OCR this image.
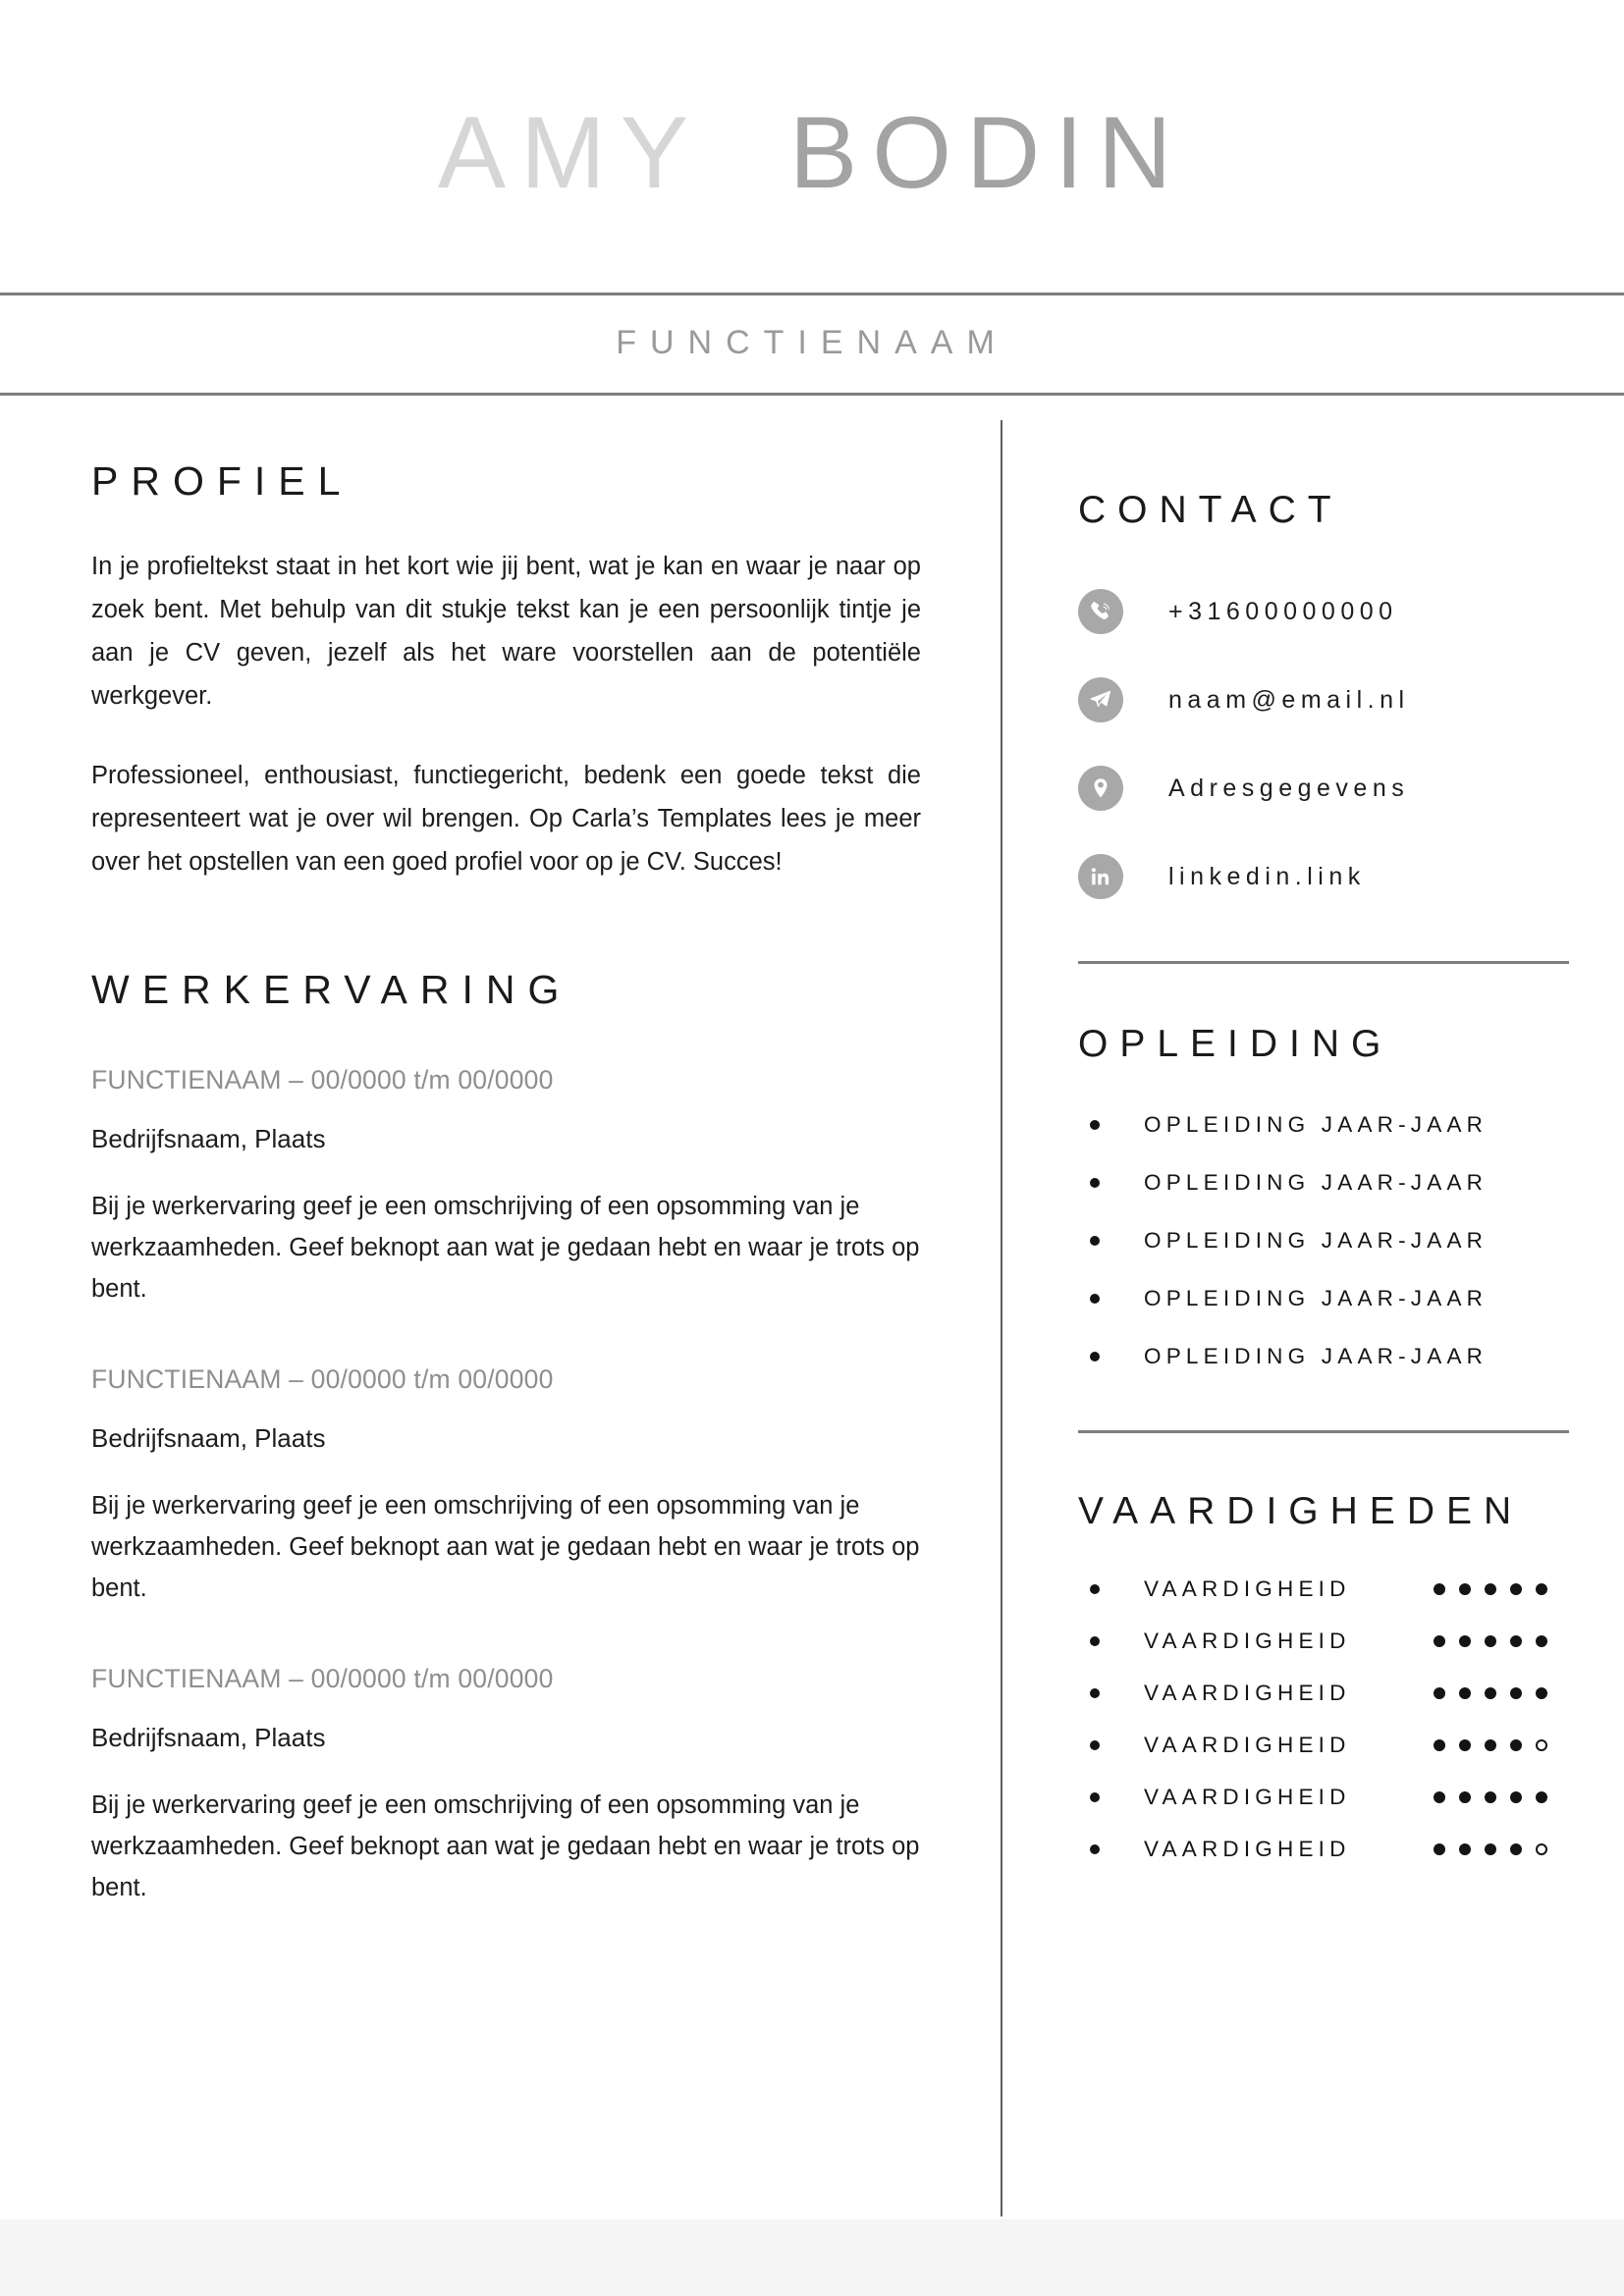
AMY BODIN
FUNCTIENAAM
PROFIEL

In je profieltekst staat in het kort wie jij bent, wat je kan en waar je naar op zoek bent. Met behulp van dit stukje tekst kan je een persoonlijk tintje je aan je CV geven, jezelf als het ware voorstellen aan de potentiële werkgever.

Professioneel, enthousiast, functiegericht, bedenk een goede tekst die representeert wat je over wil brengen. Op Carla’s Templates lees je meer over het opstellen van een goed profiel voor op je CV. Succes!

WERKERVARING
FUNCTIENAAM – 00/0000 t/m 00/0000
Bedrijfsnaam, Plaats
Bij je werkervaring geef je een omschrijving of een opsomming van je werkzaamheden. Geef beknopt aan wat je gedaan hebt en waar je trots op bent.
FUNCTIENAAM – 00/0000 t/m 00/0000
Bedrijfsnaam, Plaats
Bij je werkervaring geef je een omschrijving of een opsomming van je werkzaamheden. Geef beknopt aan wat je gedaan hebt en waar je trots op bent.
FUNCTIENAAM – 00/0000 t/m 00/0000
Bedrijfsnaam, Plaats
Bij je werkervaring geef je een omschrijving of een opsomming van je werkzaamheden. Geef beknopt aan wat je gedaan hebt en waar je trots op bent.
CONTACT
+31600000000
naam@email.nl
Adresgegevens
linkedin.link
OPLEIDING
OPLEIDING JAAR-JAAR
OPLEIDING JAAR-JAAR
OPLEIDING JAAR-JAAR
OPLEIDING JAAR-JAAR
OPLEIDING JAAR-JAAR
VAARDIGHEDEN
VAARDIGHEID
VAARDIGHEID
VAARDIGHEID
VAARDIGHEID
VAARDIGHEID
VAARDIGHEID
